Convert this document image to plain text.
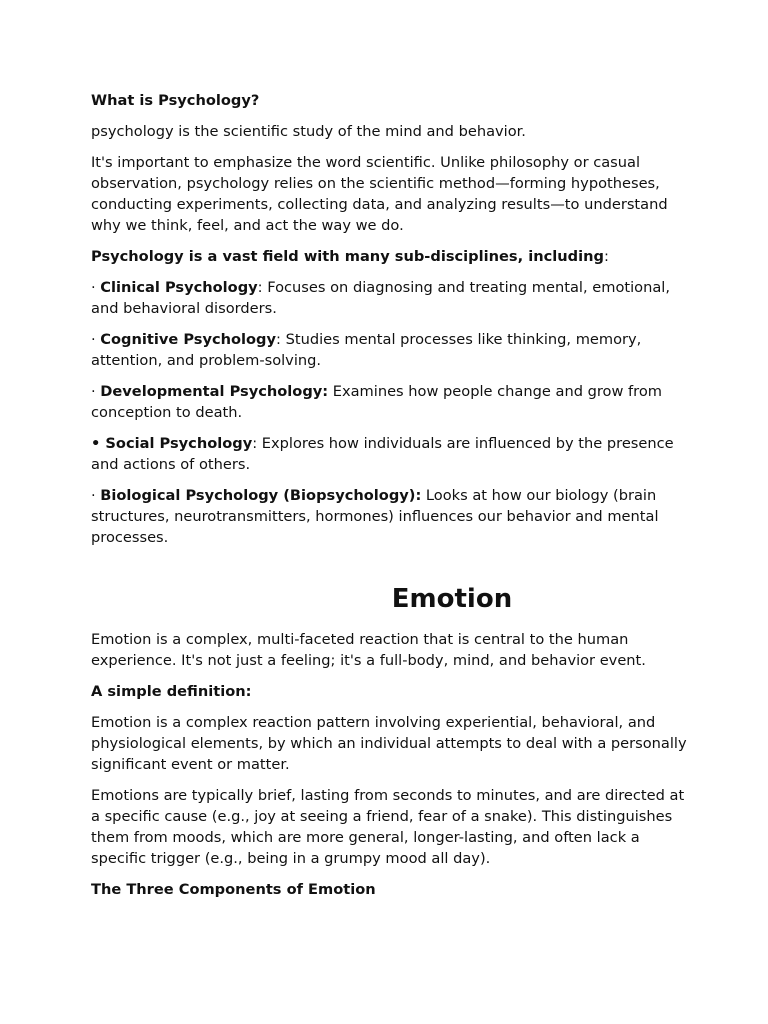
What is Psychology?

psychology is the scientific study of the mind and behavior.

It's important to emphasize the word scientific. Unlike philosophy or casual observation, psychology relies on the scientific method—forming hypotheses, conducting experiments, collecting data, and analyzing results—to understand why we think, feel, and act the way we do.

Psychology is a vast field with many sub-disciplines, including:

· Clinical Psychology: Focuses on diagnosing and treating mental, emotional, and behavioral disorders.

· Cognitive Psychology: Studies mental processes like thinking, memory, attention, and problem-solving.

· Developmental Psychology: Examines how people change and grow from conception to death.

• Social Psychology: Explores how individuals are influenced by the presence and actions of others.

· Biological Psychology (Biopsychology): Looks at how our biology (brain structures, neurotransmitters, hormones) influences our behavior and mental processes.

Emotion

Emotion is a complex, multi-faceted reaction that is central to the human experience. It's not just a feeling; it's a full-body, mind, and behavior event.

A simple definition:

Emotion is a complex reaction pattern involving experiential, behavioral, and physiological elements, by which an individual attempts to deal with a personally significant event or matter.

Emotions are typically brief, lasting from seconds to minutes, and are directed at a specific cause (e.g., joy at seeing a friend, fear of a snake). This distinguishes them from moods, which are more general, longer-lasting, and often lack a specific trigger (e.g., being in a grumpy mood all day).

The Three Components of Emotion
